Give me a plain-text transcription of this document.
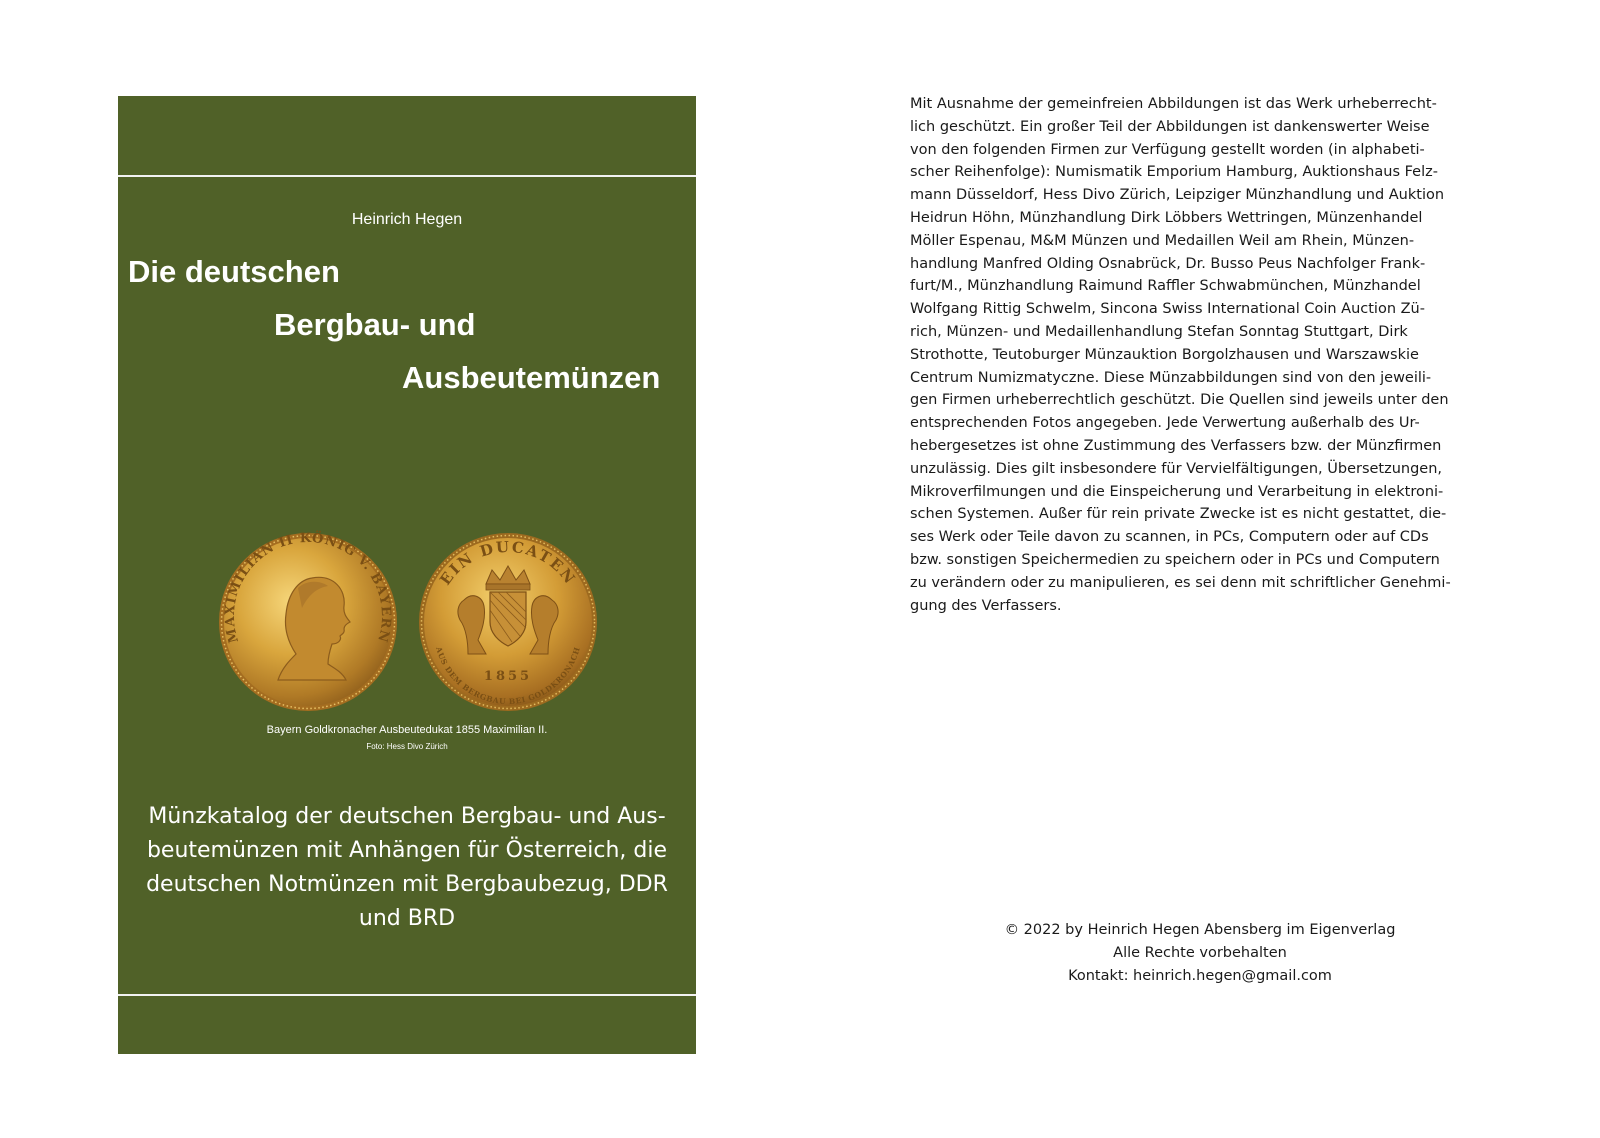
Heinrich Hegen
Die deutschen
Bergbau- und
Ausbeutemünzen
MAXIMILIAN II KÖNIG V. BAYERN
EIN DUCATEN
AUS DEM BERGBAU BEI GOLDKRONACH
1855
Bayern Goldkronacher Ausbeutedukat 1855 Maximilian II.
Foto: Hess Divo Zürich
Münzkatalog der deutschen Bergbau- und Aus-
beutemünzen mit Anhängen für Österreich, die
deutschen Notmünzen mit Bergbaubezug, DDR
und BRD
Mit Ausnahme der gemeinfreien Abbildungen ist das Werk urheberrecht-
lich geschützt. Ein großer Teil der Abbildungen ist dankenswerter Weise
von den folgenden Firmen zur Verfügung gestellt worden (in alphabeti-
scher Reihenfolge): Numismatik Emporium Hamburg, Auktionshaus Felz-
mann Düsseldorf, Hess Divo Zürich, Leipziger Münzhandlung und Auktion
Heidrun Höhn, Münzhandlung Dirk Löbbers Wettringen, Münzenhandel
Möller Espenau, M&M Münzen und Medaillen Weil am Rhein, Münzen-
handlung Manfred Olding Osnabrück, Dr. Busso Peus Nachfolger Frank-
furt/M., Münzhandlung Raimund Raffler Schwabmünchen, Münzhandel
Wolfgang Rittig Schwelm, Sincona Swiss International Coin Auction Zü-
rich, Münzen- und Medaillenhandlung Stefan Sonntag Stuttgart, Dirk
Strothotte, Teutoburger Münzauktion Borgolzhausen und Warszawskie
Centrum Numizmatyczne. Diese Münzabbildungen sind von den jeweili-
gen Firmen urheberrechtlich geschützt. Die Quellen sind jeweils unter den
entsprechenden Fotos angegeben. Jede Verwertung außerhalb des Ur-
hebergesetzes ist ohne Zustimmung des Verfassers bzw. der Münzfirmen
unzulässig. Dies gilt insbesondere für Vervielfältigungen, Übersetzungen,
Mikroverfilmungen und die Einspeicherung und Verarbeitung in elektroni-
schen Systemen. Außer für rein private Zwecke ist es nicht gestattet, die-
ses Werk oder Teile davon zu scannen, in PCs, Computern oder auf CDs
bzw. sonstigen Speichermedien zu speichern oder in PCs und Computern
zu verändern oder zu manipulieren, es sei denn mit schriftlicher Genehmi-
gung des Verfassers.
© 2022 by Heinrich Hegen Abensberg im Eigenverlag
Alle Rechte vorbehalten
Kontakt: heinrich.hegen@gmail.com
